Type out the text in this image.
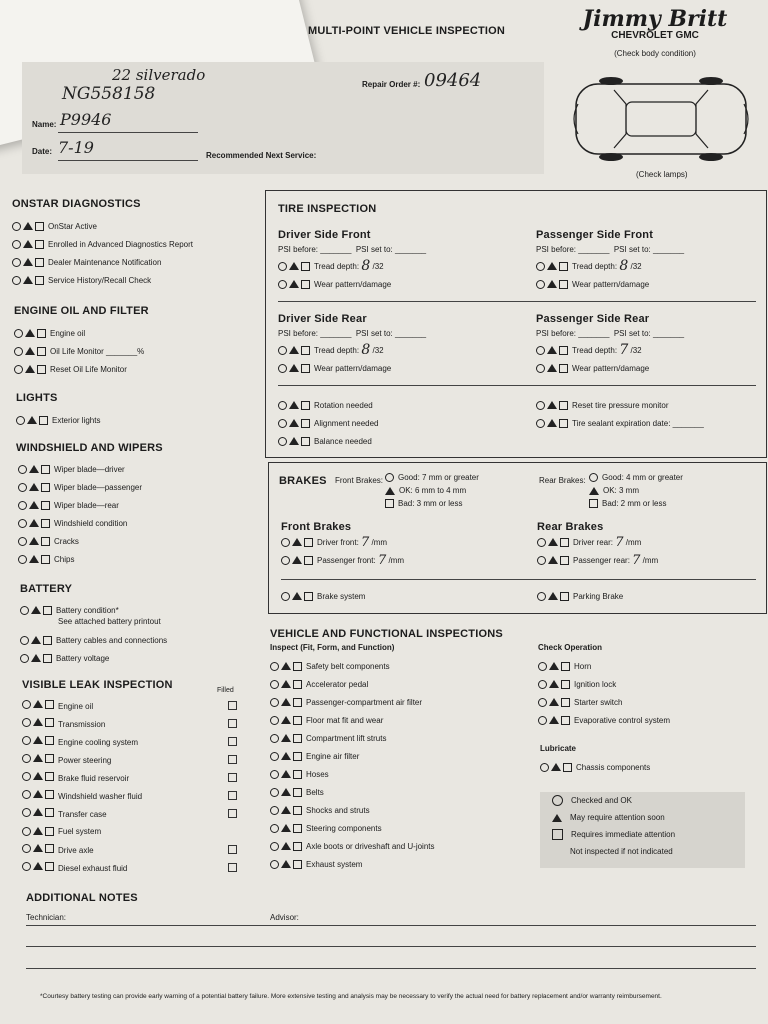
MULTI-POINT VEHICLE INSPECTION	Jimmy Britt
CHEVROLET GMC
(Check body condition)
(Check lamps)
Repair Order #: 09464
22 silverado
NG558158
Name: P9946
Date: 7-19	Recommended Next Service:
ONSTAR DIAGNOSTICS
OnStar Active
Enrolled in Advanced Diagnostics Report
Dealer Maintenance Notification
Service History/Recall Check
ENGINE OIL AND FILTER
Engine oil
Oil Life Monitor _______%
Reset Oil Life Monitor
LIGHTS
Exterior lights
WINDSHIELD AND WIPERS
Wiper blade—driver
Wiper blade—passenger
Wiper blade—rear
Windshield condition
Cracks
Chips
BATTERY
Battery condition*
See attached battery printout
Battery cables and connections
Battery voltage
VISIBLE LEAK INSPECTION	Filled
Engine oil
Transmission
Engine cooling system
Power steering
Brake fluid reservoir
Windshield washer fluid
Transfer case
Fuel system
Drive axle
Diesel exhaust fluid
TIRE INSPECTION
Driver Side Front
PSI before: _______
PSI set to: _______
Tread depth:
8
/32
Wear pattern/damage
Passenger Side Front
PSI before: _______
PSI set to: _______
Tread depth:
8
/32
Wear pattern/damage
Driver Side Rear
PSI before: _______
PSI set to: _______
Tread depth:
8
/32
Wear pattern/damage
Passenger Side Rear
PSI before: _______
PSI set to: _______
Tread depth:
7
/32
Wear pattern/damage
Rotation needed
Alignment needed
Balance needed
Reset tire pressure monitor
Tire sealant expiration date: _______
BRAKES Front Brakes: Good: 7 mm or greater
OK: 6 mm to 4 mm
Bad: 3 mm or less
Rear Brakes: Good: 4 mm or greater
OK: 3 mm
Bad: 2 mm or less
Front Brakes
Driver front:
7
/mm
Passenger front:
7
/mm
Rear Brakes
Driver rear:
7
/mm
Passenger rear:
7
/mm
Brake system	Parking Brake
VEHICLE AND FUNCTIONAL INSPECTIONS
Inspect (Fit, Form, and Function)
Safety belt components
Accelerator pedal
Passenger-compartment air filter
Floor mat fit and wear
Compartment lift struts
Engine air filter
Hoses
Belts
Shocks and struts
Steering components
Axle boots or driveshaft and U-joints
Exhaust system
Check Operation
Horn
Ignition lock
Starter switch
Evaporative control system
Lubricate
Chassis components
Checked and OK
May require attention soon
Requires immediate attention
Not inspected if not indicated
ADDITIONAL NOTES
Technician:	Advisor:
*Courtesy battery testing can provide early warning of a potential battery failure. More extensive testing and analysis may be necessary to verify the actual need for battery replacement and/or warranty reimbursement.
